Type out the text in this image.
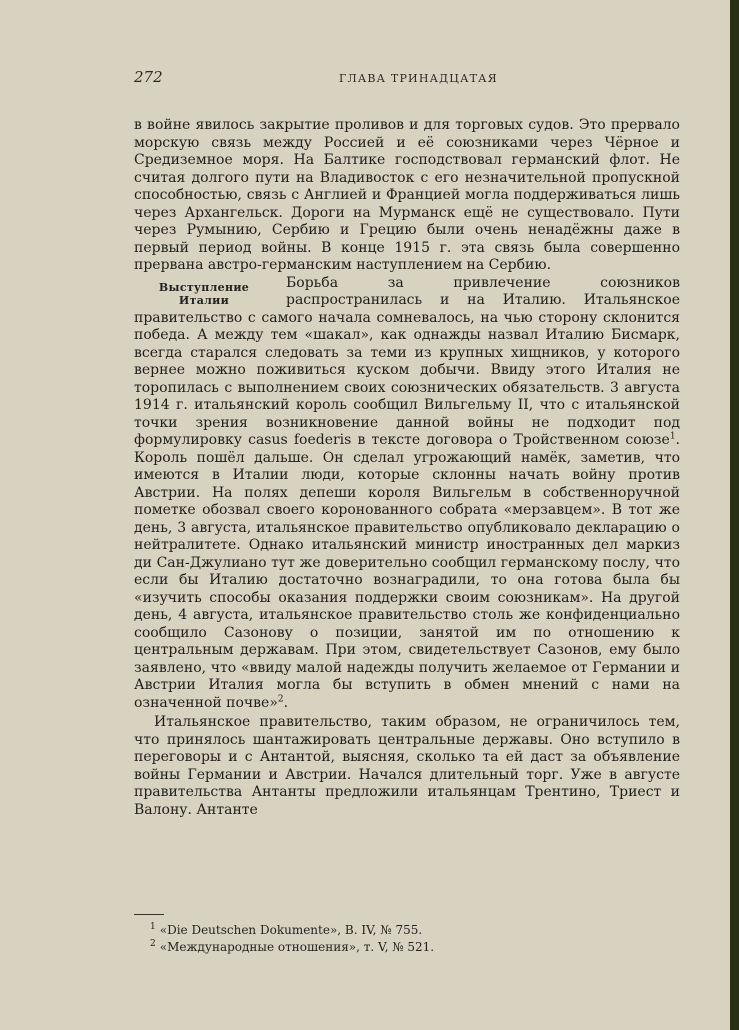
272	ГЛАВА ТРИНАДЦАТАЯ

в войне явилось закрытие проливов и для торговых судов. Это прервало морскую связь между Россией и её союзниками через Чёрное и Средиземное моря. На Балтике господствовал германский флот. Не считая долгого пути на Владивосток с его незначительной пропускной способностью, связь с Англией и Францией могла поддерживаться лишь через Архангельск. Дороги на Мурманск ещё не существовало. Пути через Румынию, Сербию и Грецию были очень ненадёжны даже в первый период войны. В конце 1915 г. эта связь была совершенно прервана австро-германским наступлением на Сербию.

Выступление
Италии

Борьба за привлечение союзников распространилась и на Италию. Итальянское правительство с самого начала сомневалось, на чью сторону склонится победа. А между тем «шакал», как однажды назвал Италию Бисмарк, всегда старался следовать за теми из крупных хищников, у которого вернее можно поживиться куском добычи. Ввиду этого Италия не торопилась с выполнением своих союзнических обязательств. 3 августа 1914 г. итальянский король сообщил Вильгельму II, что с итальянской точки зрения возникновение данной войны не подходит под формулировку casus foederis в тексте договора о Тройственном союзе$^1$. Король пошёл дальше. Он сделал угрожающий намёк, заметив, что имеются в Италии люди, которые склонны начать войну против Австрии. На полях депеши короля Вильгельм в собственноручной пометке обозвал своего коронованного собрата «мерзавцем». В тот же день, 3 августа, итальянское правительство опубликовало декларацию о нейтралитете. Однако итальянский министр иностранных дел маркиз ди Сан-Джулиано тут же доверительно сообщил германскому послу, что если бы Италию достаточно вознаградили, то она готова была бы «изучить способы оказания поддержки своим союзникам». На другой день, 4 августа, итальянское правительство столь же конфиденциально сообщило Сазонову о позиции, занятой им по отношению к центральным державам. При этом, свидетельствует Сазонов, ему было заявлено, что «ввиду малой надежды получить желаемое от Германии и Австрии Италия могла бы вступить в обмен мнений с нами на означенной почве»$^2$.

Итальянское правительство, таким образом, не ограничилось тем, что принялось шантажировать центральные державы. Оно вступило в переговоры и с Антантой, выясняя, сколько та ей даст за объявление войны Германии и Австрии. Начался длительный торг. Уже в августе правительства Антанты предложили итальянцам Трентино, Триест и Валону. Антанте

$^1$ «Die Deutschen Dokumente», B. IV, № 755.

$^2$ «Международные отношения», т. V, № 521.
